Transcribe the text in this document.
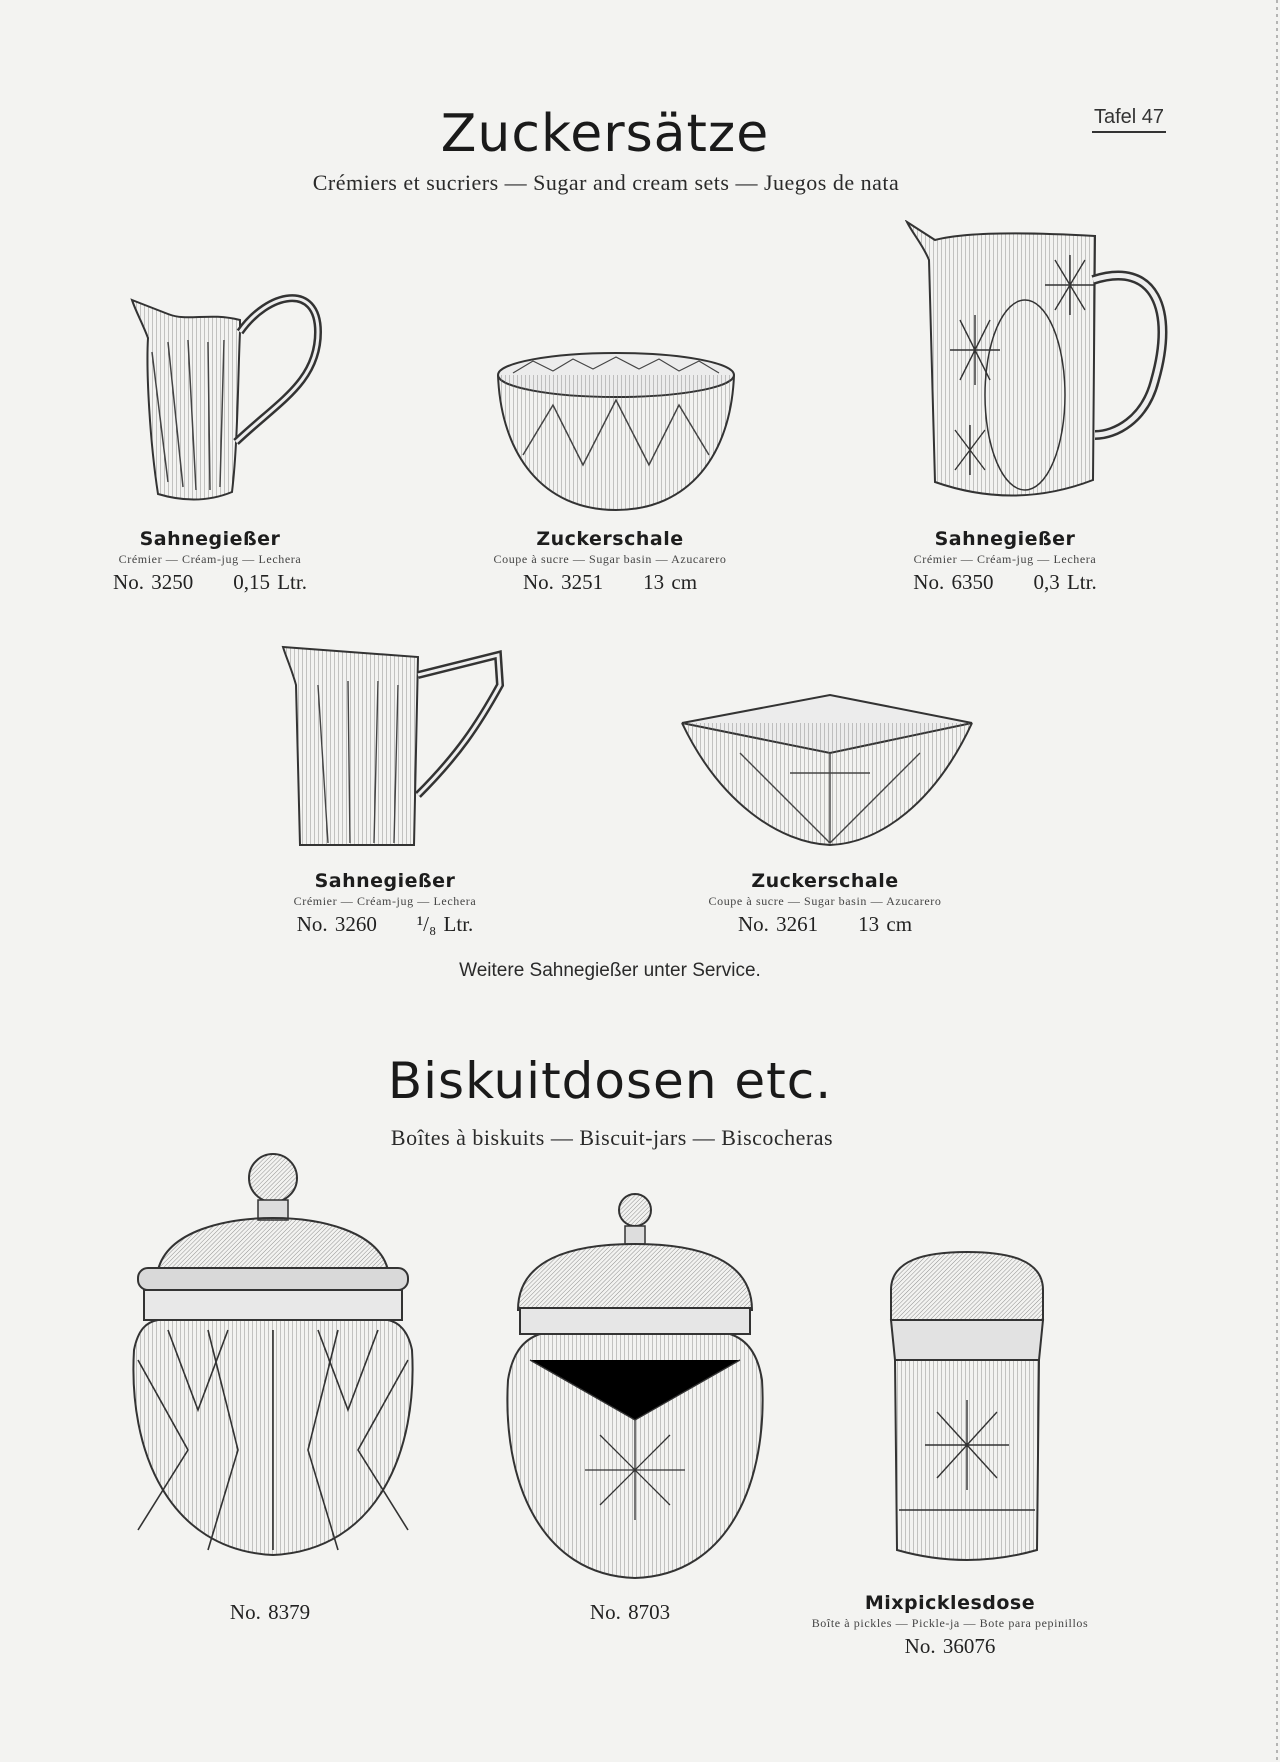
Tafel 47
Zuckersätze
Crémiers et sucriers — Sugar and cream sets — Juegos de nata
Sahnegießer
Crémier — Créam-jug — Lechera
No. 3250 0,15 Ltr.
Zuckerschale
Coupe à sucre — Sugar basin — Azucarero
No. 3251 13 cm
Sahnegießer
Crémier — Créam-jug — Lechera
No. 6350 0,3 Ltr.
Sahnegießer
Crémier — Créam-jug — Lechera
No. 3260 ¹/₈ Ltr.
Zuckerschale
Coupe à sucre — Sugar basin — Azucarero
No. 3261 13 cm
Weitere Sahnegießer unter Service.
Biskuitdosen etc.
Boîtes à biskuits — Biscuit-jars — Biscocheras
No. 8379	No. 8703	Mixpicklesdose
Boîte à pickles — Pickle-ja — Bote para pepinillos
No. 36076
